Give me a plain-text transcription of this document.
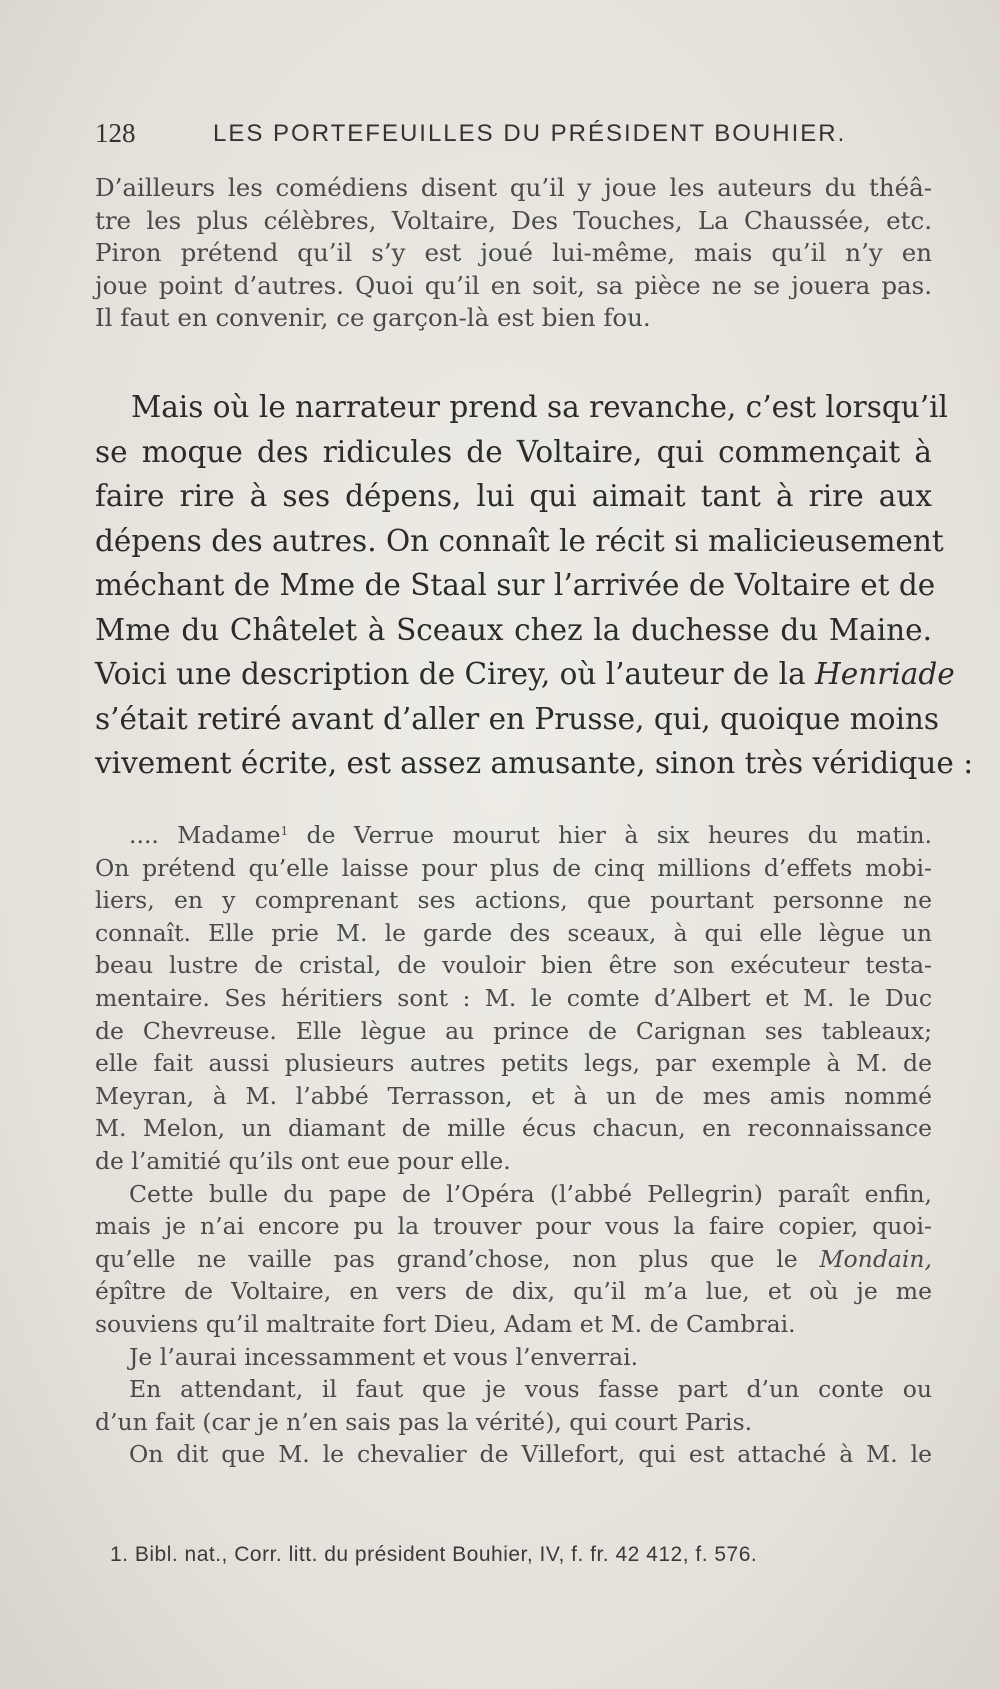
128	LES PORTEFEUILLES DU PRÉSIDENT BOUHIER.
D’ailleurs les comédiens disent qu’il y joue les auteurs du théâ-
tre les plus célèbres, Voltaire, Des Touches, La Chaussée, etc.
Piron prétend qu’il s’y est joué lui-même, mais qu’il n’y en
joue point d’autres. Quoi qu’il en soit, sa pièce ne se jouera pas.
Il faut en convenir, ce garçon-là est bien fou.
Mais où le narrateur prend sa revanche, c’est lorsqu’il
se moque des ridicules de Voltaire, qui commençait à
faire rire à ses dépens, lui qui aimait tant à rire aux
dépens des autres. On connaît le récit si malicieusement
méchant de Mme de Staal sur l’arrivée de Voltaire et de
Mme du Châtelet à Sceaux chez la duchesse du Maine.
Voici une description de Cirey, où l’auteur de la Henriade
s’était retiré avant d’aller en Prusse, qui, quoique moins
vivement écrite, est assez amusante, sinon très véridique :
.... Madame$^1$ de Verrue mourut hier à six heures du matin.
On prétend qu’elle laisse pour plus de cinq millions d’effets mobi-
liers, en y comprenant ses actions, que pourtant personne ne
connaît. Elle prie M. le garde des sceaux, à qui elle lègue un
beau lustre de cristal, de vouloir bien être son exécuteur testa-
mentaire. Ses héritiers sont : M. le comte d’Albert et M. le Duc
de Chevreuse. Elle lègue au prince de Carignan ses tableaux;
elle fait aussi plusieurs autres petits legs, par exemple à M. de
Meyran, à M. l’abbé Terrasson, et à un de mes amis nommé
M. Melon, un diamant de mille écus chacun, en reconnaissance
de l’amitié qu’ils ont eue pour elle.
Cette bulle du pape de l’Opéra (l’abbé Pellegrin) paraît enfin,
mais je n’ai encore pu la trouver pour vous la faire copier, quoi-
qu’elle ne vaille pas grand’chose, non plus que le Mondain,
épître de Voltaire, en vers de dix, qu’il m’a lue, et où je me
souviens qu’il maltraite fort Dieu, Adam et M. de Cambrai.
Je l’aurai incessamment et vous l’enverrai.
En attendant, il faut que je vous fasse part d’un conte ou
d’un fait (car je n’en sais pas la vérité), qui court Paris.
On dit que M. le chevalier de Villefort, qui est attaché à M. le
1. Bibl. nat., Corr. litt. du président Bouhier, IV, f. fr. 42 412, f. 576.
